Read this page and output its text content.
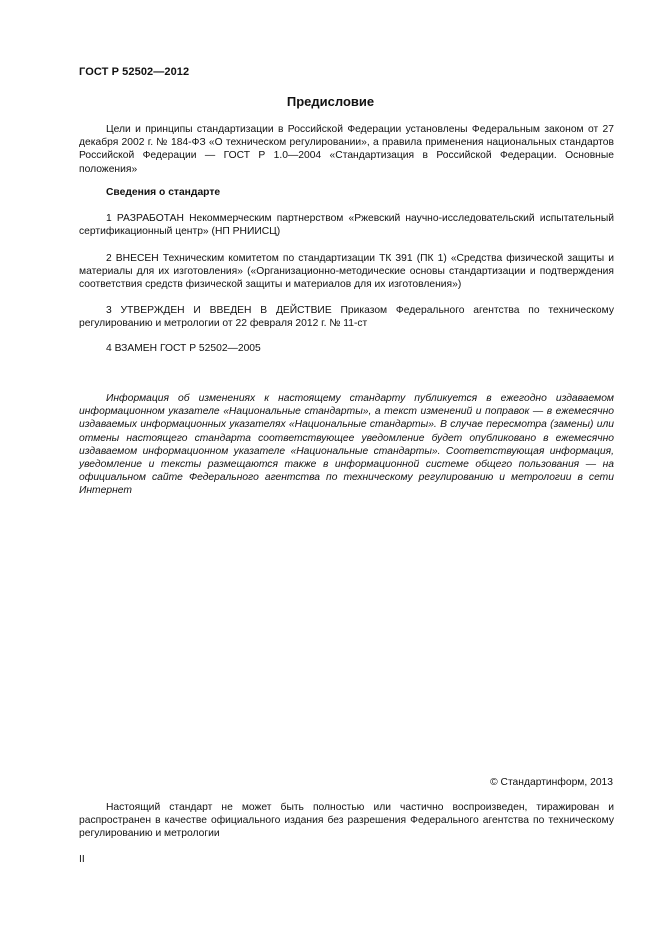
ГОСТ Р 52502—2012
Предисловие

Цели и принципы стандартизации в Российской Федерации установлены Федеральным законом от 27 декабря 2002 г. № 184-ФЗ «О техническом регулировании», а правила применения национальных стандартов Российской Федерации — ГОСТ Р 1.0—2004 «Стандартизация в Российской Федерации. Основные положения»

Сведения о стандарте

1 РАЗРАБОТАН Некоммерческим партнерством «Ржевский научно-исследовательский испытательный сертификационный центр» (НП РНИИСЦ)

2 ВНЕСЕН Техническим комитетом по стандартизации ТК 391 (ПК 1) «Средства физической защиты и материалы для их изготовления» («Организационно-методические основы стандартизации и подтверждения соответствия средств физической защиты и материалов для их изготовления»)

3 УТВЕРЖДЕН И ВВЕДЕН В ДЕЙСТВИЕ Приказом Федерального агентства по техническому регулированию и метрологии от 22 февраля 2012 г. № 11-ст

4 ВЗАМЕН ГОСТ Р 52502—2005

Информация об изменениях к настоящему стандарту публикуется в ежегодно издаваемом информационном указателе «Национальные стандарты», а текст изменений и поправок — в ежемесячно издаваемых информационных указателях «Национальные стандарты». В случае пересмотра (замены) или отмены настоящего стандарта соответствующее уведомление будет опубликовано в ежемесячно издаваемом информационном указателе «Национальные стандарты». Соответствующая информация, уведомление и тексты размещаются также в информационной системе общего пользования — на официальном сайте Федерального агентства по техническому регулированию и метрологии в сети Интернет

© Стандартинформ, 2013

Настоящий стандарт не может быть полностью или частично воспроизведен, тиражирован и распространен в качестве официального издания без разрешения Федерального агентства по техническому регулированию и метрологии

II
